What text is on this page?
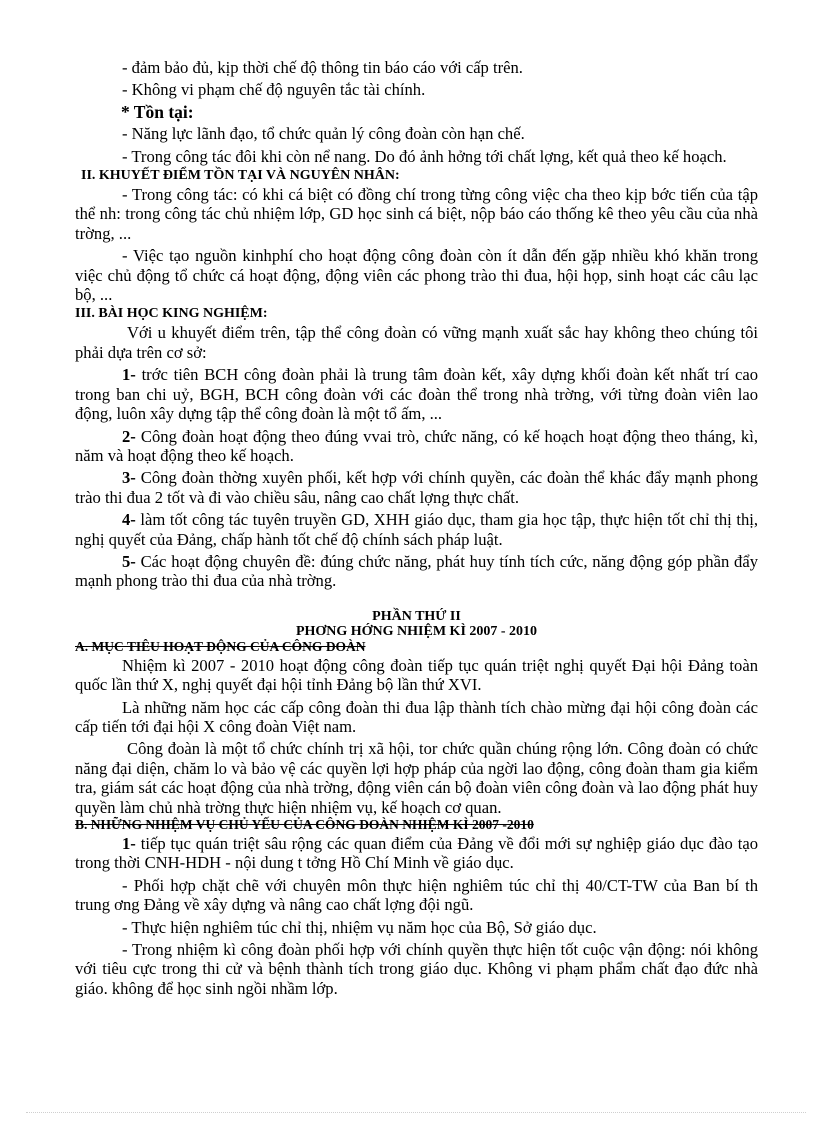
- đảm bảo đủ, kịp thời chế độ thông tin báo cáo với cấp trên.

- Không vi phạm chế độ nguyên tắc tài chính.

* Tồn tại:

- Năng lực lãnh đạo, tổ chức quản lý công đoàn còn hạn chế.

- Trong công tác đôi khi còn nể nang. Do đó ảnh hởng tới chất lợng, kết quả theo kế hoạch.

II. KHUYẾT ĐIỂM TỒN TẠI VÀ NGUYÊN NHÂN:

- Trong công tác: có khi cá biệt có đồng chí trong từng công việc cha theo kịp bớc tiến của tập thể nh: trong công tác chủ nhiệm lớp, GD học sinh cá biệt, nộp báo cáo thống kê theo yêu cầu của nhà trờng, ...

- Việc tạo nguồn kinhphí cho hoạt động công đoàn còn ít dẫn đến gặp nhiều khó khăn trong việc chủ động tổ chức cá hoạt động, động viên các phong trào thi đua, hội họp, sinh hoạt các câu lạc bộ, ...

III. BÀI HỌC KING NGHIỆM:

Với u khuyết điểm trên, tập thể công đoàn có vững mạnh xuất sắc hay không theo chúng tôi phải dựa trên cơ sở:

1- trớc tiên BCH công đoàn phải là trung tâm đoàn kết, xây dựng khối đoàn kết nhất trí cao trong ban chi uỷ, BGH, BCH công đoàn với các đoàn thể trong nhà trờng, với từng đoàn viên lao động, luôn xây dựng tập thể công đoàn là một tổ ấm, ...

2- Công đoàn hoạt động theo đúng vvai trò, chức năng, có kế hoạch hoạt động theo tháng, kì, năm và hoạt động theo kế hoạch.

3- Công đoàn thờng xuyên phối, kết hợp với chính quyền, các đoàn thể khác đẩy mạnh phong trào thi đua 2 tốt và đi vào chiều sâu, nâng cao chất lợng thực chất.

4- làm tốt công tác tuyên truyền GD, XHH giáo dục, tham gia học tập, thực hiện tốt chỉ thị thị, nghị quyết của Đảng, chấp hành tốt chế độ chính sách pháp luật.

5- Các hoạt động chuyên đề: đúng chức năng, phát huy tính tích cức, năng động góp phần đẩy mạnh phong trào thi đua của nhà trờng.

PHẦN THỨ II

PHƠNG HỚNG NHIỆM KÌ 2007 - 2010

A. MỤC TIÊU HOẠT ĐỘNG CỦA CÔNG ĐOÀN

Nhiệm kì 2007 - 2010 hoạt động công đoàn tiếp tục quán triệt nghị quyết Đại hội Đảng toàn quốc lần thứ X, nghị quyết đại hội tỉnh Đảng bộ lần thứ XVI.

Là những năm học các cấp công đoàn thi đua lập thành tích chào mừng đại hội công đoàn các cấp tiến tới đại hội X công đoàn Việt nam.

Công đoàn là một tổ chức chính trị xã hội, tor chức quần chúng rộng lớn. Công đoàn có chức năng đại diện, chăm lo và bảo vệ các quyền lợi hợp pháp của ngời lao động, công đoàn tham gia kiểm tra, giám sát các hoạt động của nhà trờng, động viên cán bộ đoàn viên công đoàn và lao động phát huy quyền làm chủ nhà trờng thực hiện nhiệm vụ, kế hoạch cơ quan.

B. NHỮNG NHIỆM VỤ CHỦ YẾU CỦA CÔNG ĐOÀN NHIỆM KÌ 2007 -2010

1- tiếp tục quán triệt sâu rộng các quan điểm của Đảng về đổi mới sự nghiệp giáo dục đào tạo trong thời CNH-HDH - nội dung t tởng Hồ Chí Minh về giáo dục.

- Phối hợp chặt chẽ với chuyên môn thực hiện nghiêm túc chỉ thị 40/CT-TW của Ban bí th trung ơng Đảng về xây dựng và nâng cao chất lợng đội ngũ.

- Thực hiện nghiêm túc chỉ thị, nhiệm vụ năm học của Bộ, Sở giáo dục.

- Trong nhiệm kì công đoàn phối hợp với chính quyền thực hiện tốt cuộc vận động: nói không với tiêu cực trong thi cử và bệnh thành tích trong giáo dục. Không vi phạm phẩm chất đạo đức nhà giáo. không để học sinh ngồi nhầm lớp.
